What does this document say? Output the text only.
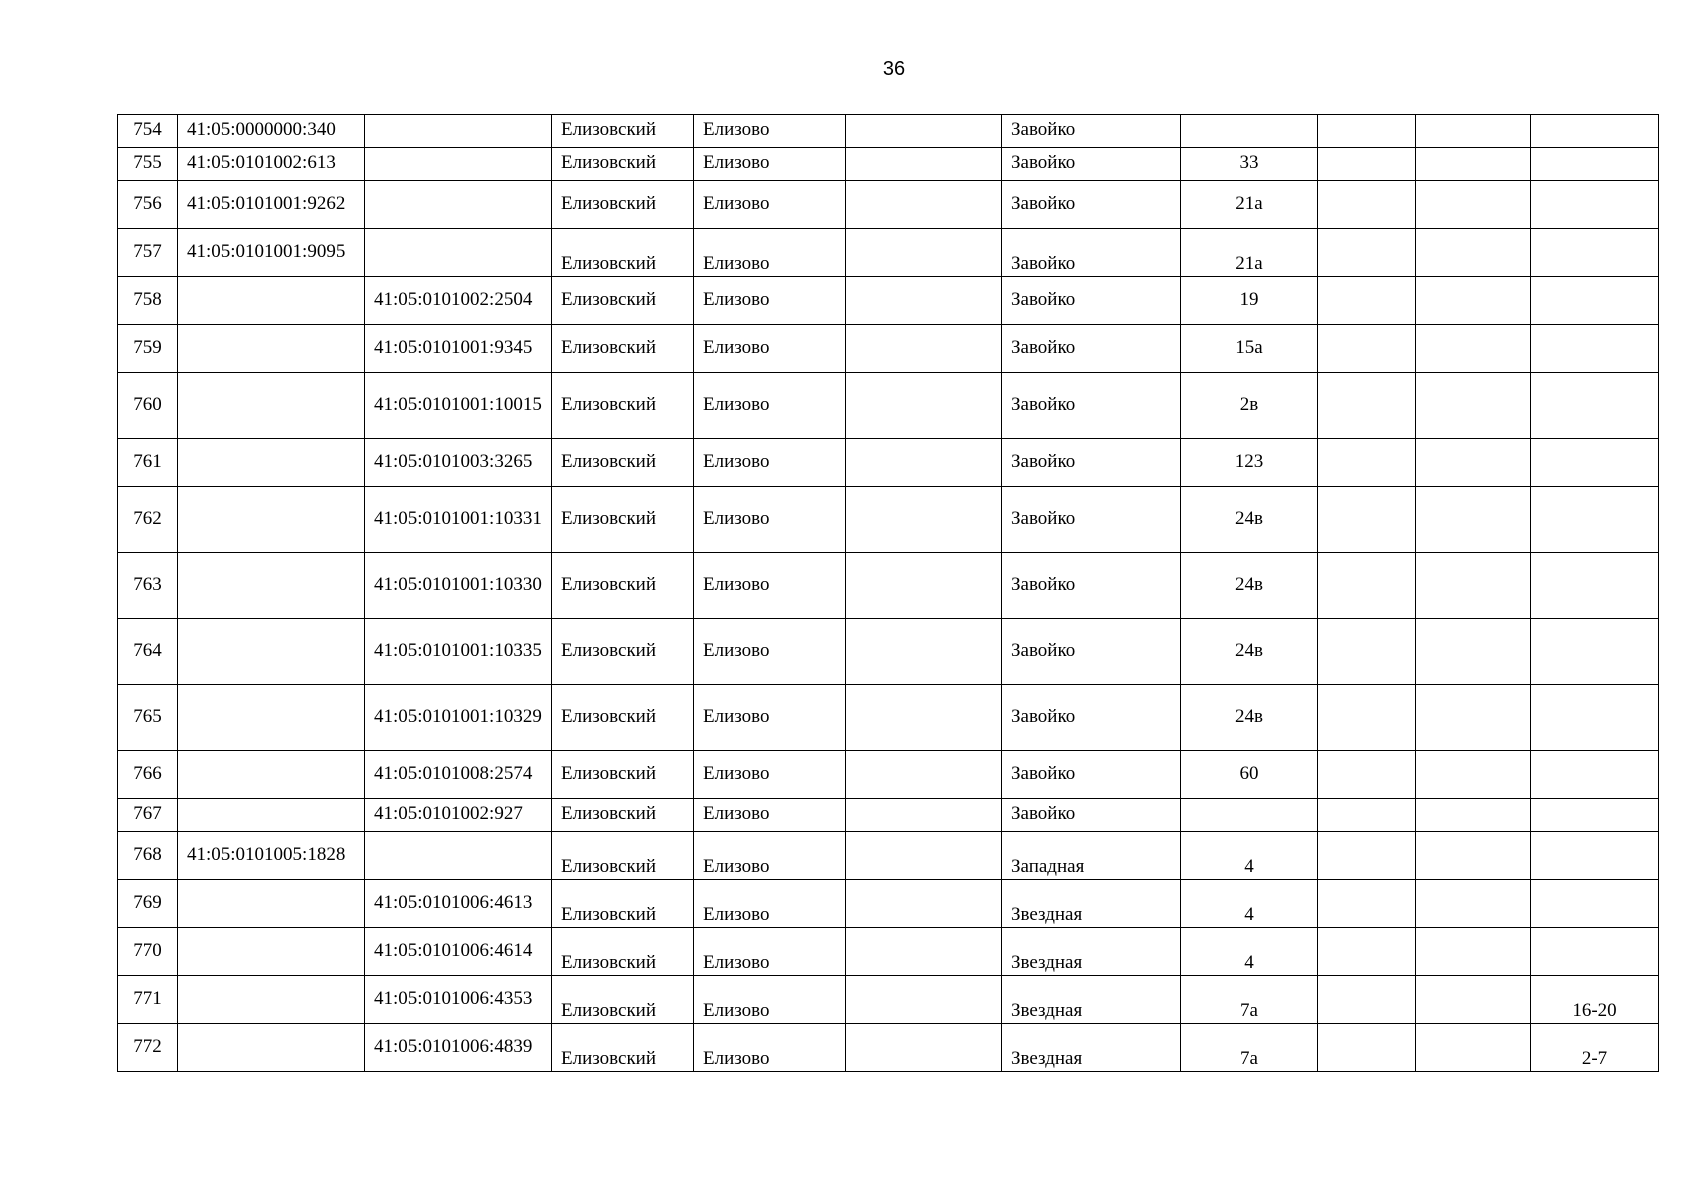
36
754	41:05:0000000:340		Елизовский	Елизово		Завойко				
755	41:05:0101002:613		Елизовский	Елизово		Завойко	33			
756	41:05:0101001:9262		Елизовский	Елизово		Завойко	21а			
757	41:05:0101001:9095		Елизовский	Елизово		Завойко	21а			
758		41:05:0101002:2504	Елизовский	Елизово		Завойко	19			
759		41:05:0101001:9345	Елизовский	Елизово		Завойко	15а			
760		41:05:0101001:10015	Елизовский	Елизово		Завойко	2в			
761		41:05:0101003:3265	Елизовский	Елизово		Завойко	123			
762		41:05:0101001:10331	Елизовский	Елизово		Завойко	24в			
763		41:05:0101001:10330	Елизовский	Елизово		Завойко	24в			
764		41:05:0101001:10335	Елизовский	Елизово		Завойко	24в			
765		41:05:0101001:10329	Елизовский	Елизово		Завойко	24в			
766		41:05:0101008:2574	Елизовский	Елизово		Завойко	60			
767		41:05:0101002:927	Елизовский	Елизово		Завойко				
768	41:05:0101005:1828		Елизовский	Елизово		Западная	4			
769		41:05:0101006:4613	Елизовский	Елизово		Звездная	4			
770		41:05:0101006:4614	Елизовский	Елизово		Звездная	4			
771		41:05:0101006:4353	Елизовский	Елизово		Звездная	7а			16-20
772		41:05:0101006:4839	Елизовский	Елизово		Звездная	7а			2-7
